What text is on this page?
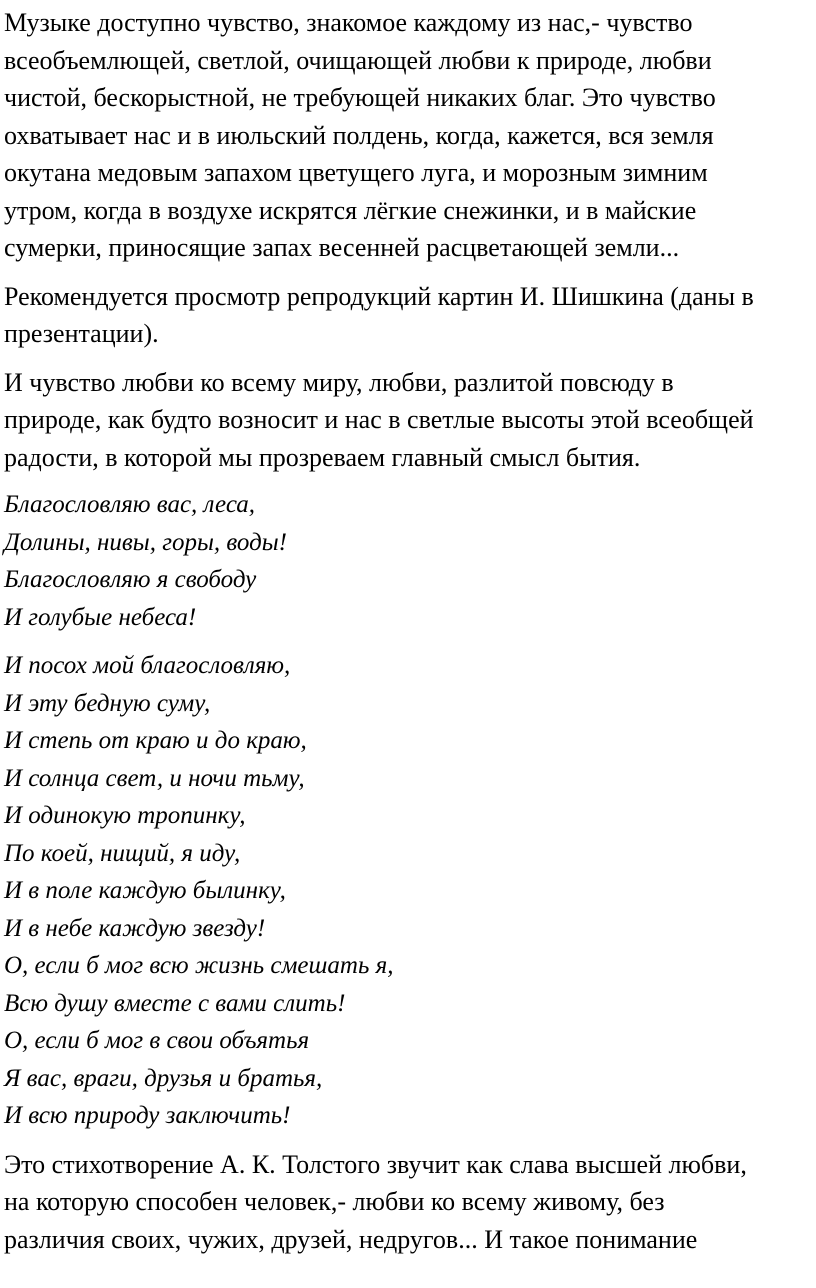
Музыке доступно чувство, знакомое каждому из нас,- чувство
всеобъемлющей, светлой, очищающей любви к природе, любви
чистой, бескорыстной, не требующей никаких благ. Это чувство
охватывает нас и в июльский полдень, когда, кажется, вся земля
окутана медовым запахом цветущего луга, и морозным зимним
утром, когда в воздухе искрятся лёгкие снежинки, и в майские
сумерки, приносящие запах весенней расцветающей земли...

Рекомендуется просмотр репродукций картин И. Шишкина (даны в
презентации).

И чувство любви ко всему миру, любви, разлитой повсюду в
природе, как будто возносит и нас в светлые высоты этой всеобщей
радости, в которой мы прозреваем главный смысл бытия.

Благословляю вас, леса,
Долины, нивы, горы, воды!
Благословляю я свободу
И голубые небеса!
И посох мой благословляю,
И эту бедную суму,
И степь от краю и до краю,
И солнца свет, и ночи тьму,
И одинокую тропинку,
По коей, нищий, я иду,
И в поле каждую былинку,
И в небе каждую звезду!
О, если б мог всю жизнь смешать я,
Всю душу вместе с вами слить!
О, если б мог в свои объятья
Я вас, враги, друзья и братья,
И всю природу заключить!

Это стихотворение А. К. Толстого звучит как слава высшей любви,
на которую способен человек,- любви ко всему живому, без
различия своих, чужих, друзей, недругов... И такое понимание
